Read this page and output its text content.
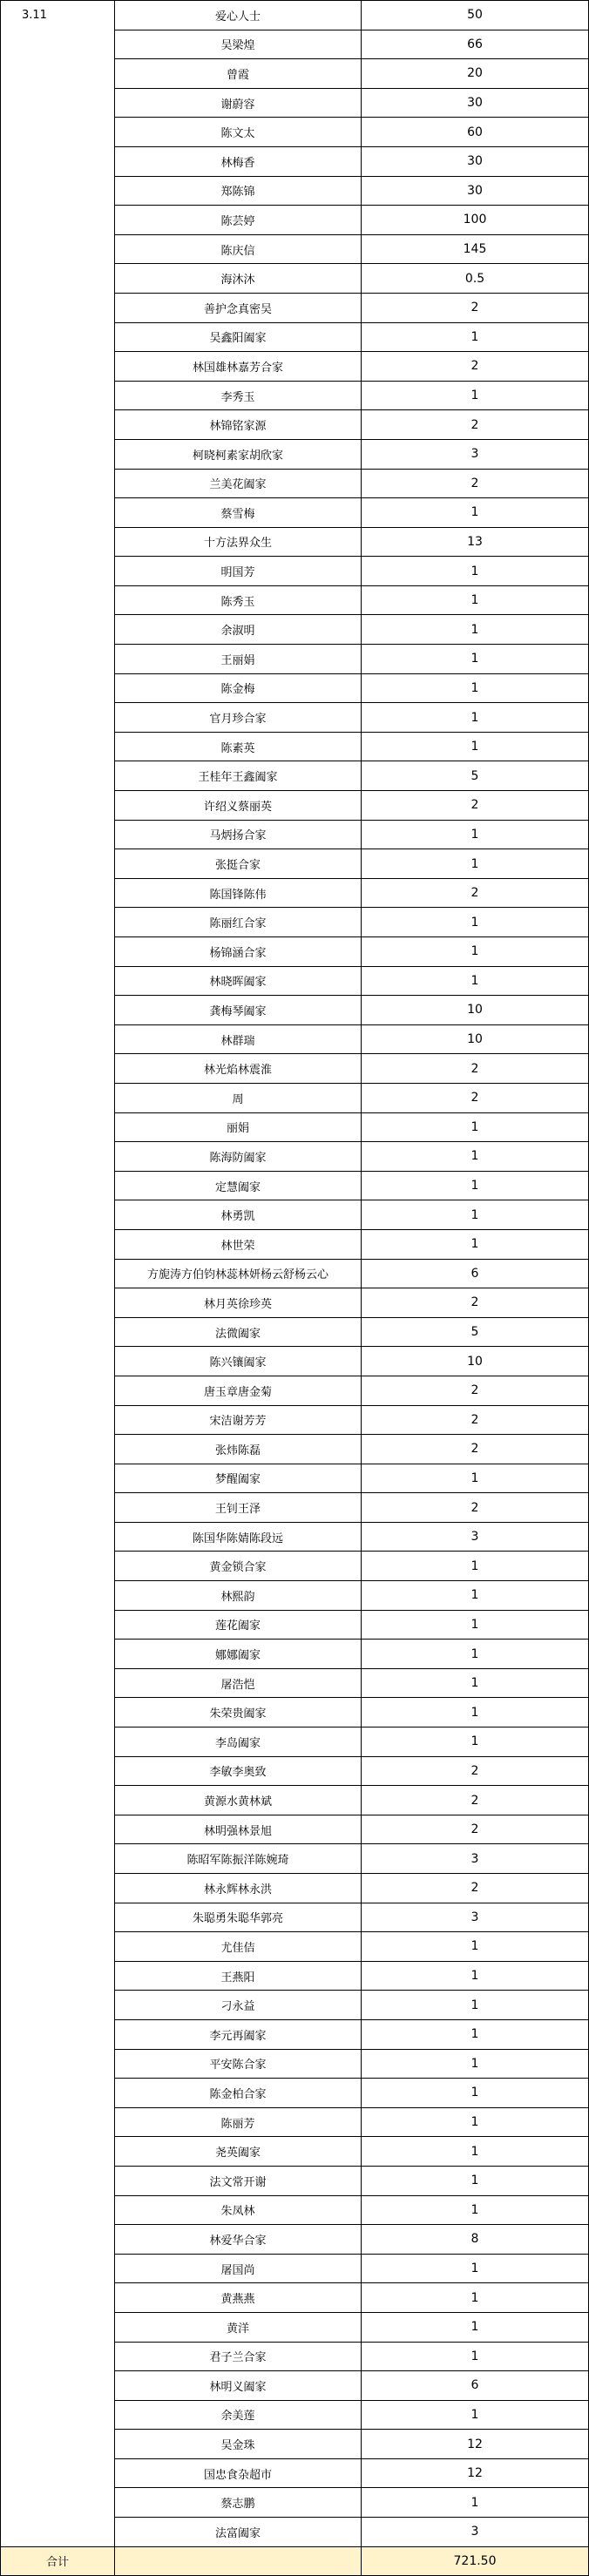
3.11	爱心人士	50
	吴梁煌	66
	曾霞	20
	谢蔚容	30
	陈文太	60
	林梅香	30
	郑陈锦	30
	陈芸婷	100
	陈庆信	145
	海沐沐	0.5
	善护念真密吴	2
	吴鑫阳阖家	1
	林国雄林嘉芳合家	2
	李秀玉	1
	林锦铭家源	2
	柯晓柯素家胡欣家	3
	兰美花阖家	2
	蔡雪梅	1
	十方法界众生	13
	明国芳	1
	陈秀玉	1
	余淑明	1
	王丽娟	1
	陈金梅	1
	官月珍合家	1
	陈素英	1
	王桂年王鑫阖家	5
	许绍义蔡丽英	2
	马炳扬合家	1
	张挺合家	1
	陈国锋陈伟	2
	陈丽红合家	1
	杨锦涵合家	1
	林晓晖阖家	1
	龚梅琴阖家	10
	林群瑞	10
	林光焰林震淮	2
	周	2
	丽娟	1
	陈海防阖家	1
	定慧阖家	1
	林勇凯	1
	林世荣	1
	方旎涛方伯钧林蕊林妍杨云舒杨云心	6
	林月英徐珍英	2
	法微阖家	5
	陈兴镶阖家	10
	唐玉章唐金菊	2
	宋洁谢芳芳	2
	张炜陈磊	2
	梦醒阖家	1
	王钊王泽	2
	陈国华陈婧陈段远	3
	黄金锁合家	1
	林熙韵	1
	莲花阖家	1
	娜娜阖家	1
	屠浩恺	1
	朱荣贵阖家	1
	李岛阖家	1
	李敏李奥致	2
	黄源水黄林斌	2
	林明强林景旭	2
	陈昭军陈振洋陈婉琦	3
	林永辉林永洪	2
	朱聪勇朱聪华郭亮	3
	尤佳佶	1
	王燕阳	1
	刁永益	1
	李元再阖家	1
	平安陈合家	1
	陈金柏合家	1
	陈丽芳	1
	尧英阖家	1
	法文常开谢	1
	朱凤林	1
	林爱华合家	8
	屠国尚	1
	黄燕燕	1
	黄洋	1
	君子兰合家	1
	林明义阖家	6
	余美莲	1
	吴金珠	12
	国忠食杂超市	12
	蔡志鹏	1
	法富阖家	3
合计		721.50
